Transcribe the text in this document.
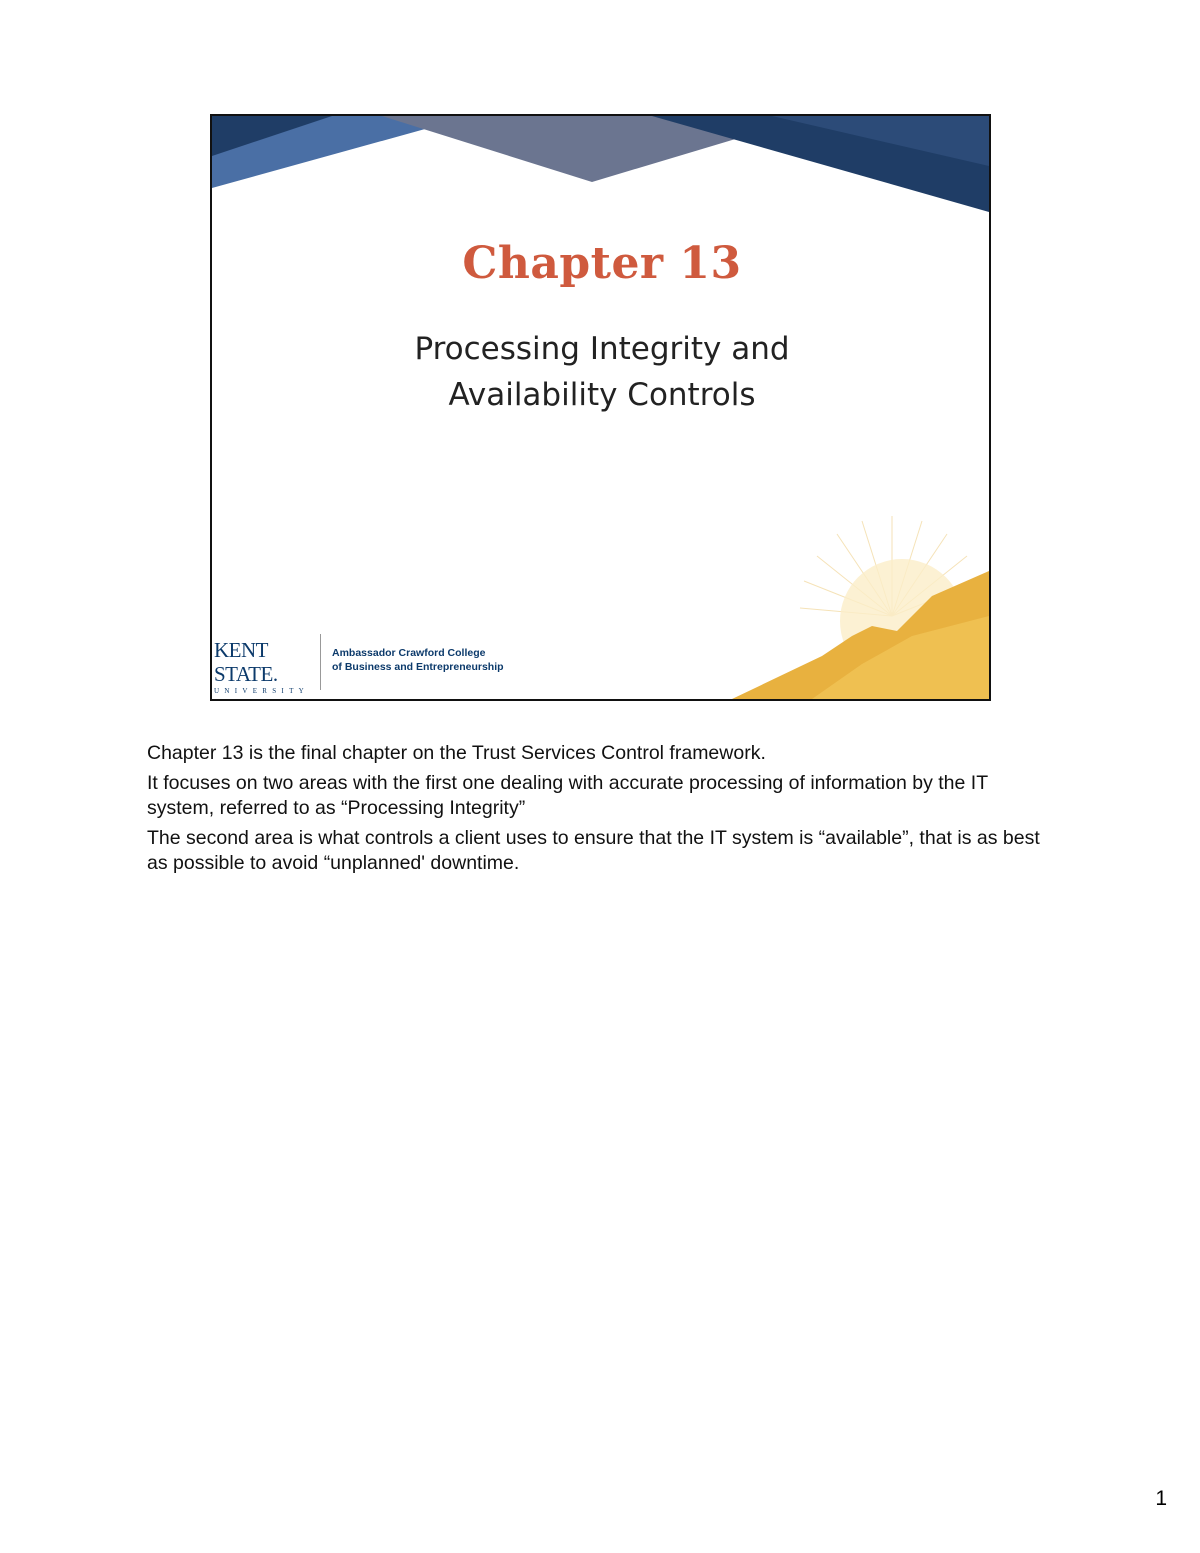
Chapter 13
Processing Integrity and
Availability Controls
KENT STATE.
UNIVERSITY
Ambassador Crawford College
of Business and Entrepreneurship

Chapter 13 is the final chapter on the Trust Services Control framework.

It focuses on two areas with the first one dealing with accurate processing of information by the IT system, referred to as “Processing Integrity”

The second area is what controls a client uses to ensure that the IT system is “available”, that is as best as possible to avoid “unplanned' downtime.

1
